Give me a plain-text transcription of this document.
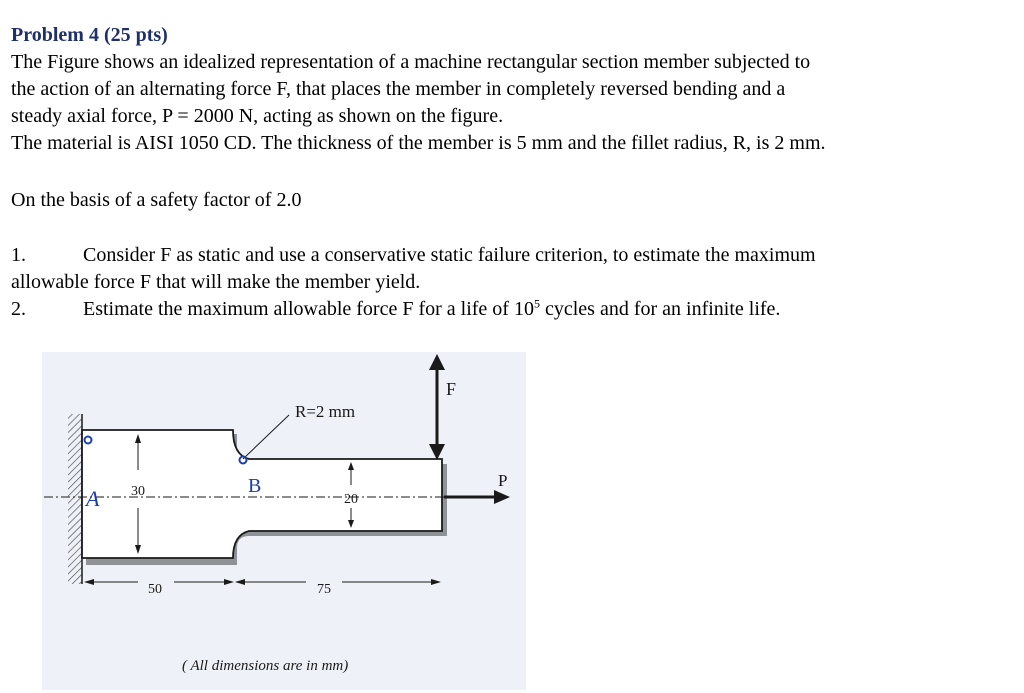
Problem 4 (25 pts)
The Figure shows an idealized representation of a machine rectangular section member subjected to
the action of an alternating force F, that places the member in completely reversed bending and a
steady axial force, P = 2000 N, acting as shown on the figure.
The material is AISI 1050 CD. The thickness of the member is 5 mm and the fillet radius, R, is 2 mm.
On the basis of a safety factor of 2.0
1.	Consider F as static and use a conservative static failure criterion, to estimate the maximum
allowable force F that will make the member yield.
2.	Estimate the maximum allowable force F for a life of $10^5$ cycles and for an infinite life.
30
20
50	75
R=2 mm
F
P
A	B
( All dimensions are in mm)
